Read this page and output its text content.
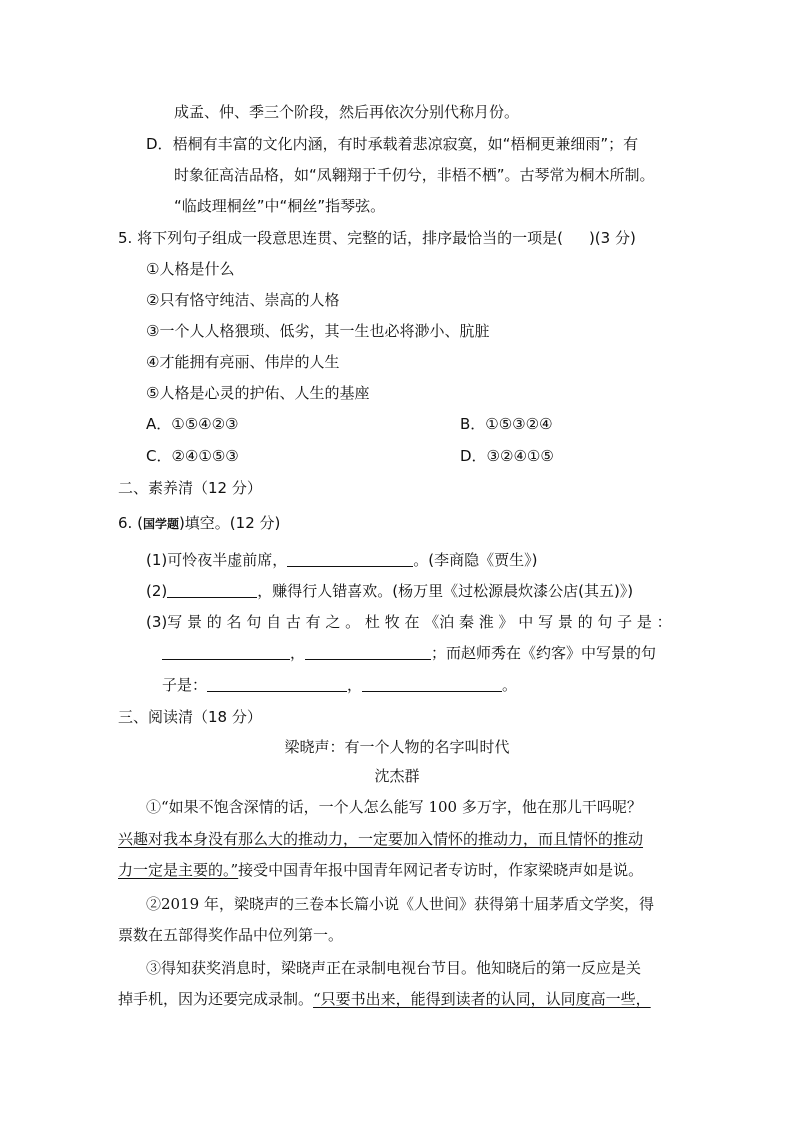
成孟、仲、季三个阶段，然后再依次分别代称月份。
D．梧桐有丰富的文化内涵，有时承载着悲凉寂寞，如“梧桐更兼细雨”；有
时象征高洁品格，如“凤翱翔于千仞兮，非梧不栖”。古琴常为桐木所制。
“临歧理桐丝”中“桐丝”指琴弦。
5. 将下列句子组成一段意思连贯、完整的话，排序最恰当的一项是( )(3 分)
①人格是什么
②只有恪守纯洁、崇高的人格
③一个人人格猥琐、低劣，其一生也必将渺小、肮脏
④才能拥有亮丽、伟岸的人生
⑤人格是心灵的护佑、人生的基座
A．①⑤④②③	B．①⑤③②④
C．②④①⑤③	D．③②④①⑤
二、素养清（12 分）
6. (国学题)填空。(12 分)
(1)可怜夜半虚前席，	。(李商隐《贾生》)
(2)	，赚得行人错喜欢。(杨万里《过松源晨炊漆公店(其五)》)
(3)写 景 的 名 句 自 古 有 之 。 杜 牧 在 《泊 秦 淮 》 中 写 景 的 句 子 是 ：
，	；而赵师秀在《约客》中写景的句
子是：	，	。
三、阅读清（18 分）
梁晓声：有一个人物的名字叫时代
沈杰群
①“如果不饱含深情的话，一个人怎么能写 100 多万字，他在那儿干吗呢？
兴趣对我本身没有那么大的推动力，一定要加入情怀的推动力，而且情怀的推动
力一定是主要的。”接受中国青年报中国青年网记者专访时，作家梁晓声如是说。
②2019 年，梁晓声的三卷本长篇小说《人世间》获得第十届茅盾文学奖，得
票数在五部得奖作品中位列第一。
③得知获奖消息时，梁晓声正在录制电视台节目。他知晓后的第一反应是关
掉手机，因为还要完成录制。“只要书出来，能得到读者的认同，认同度高一些，
